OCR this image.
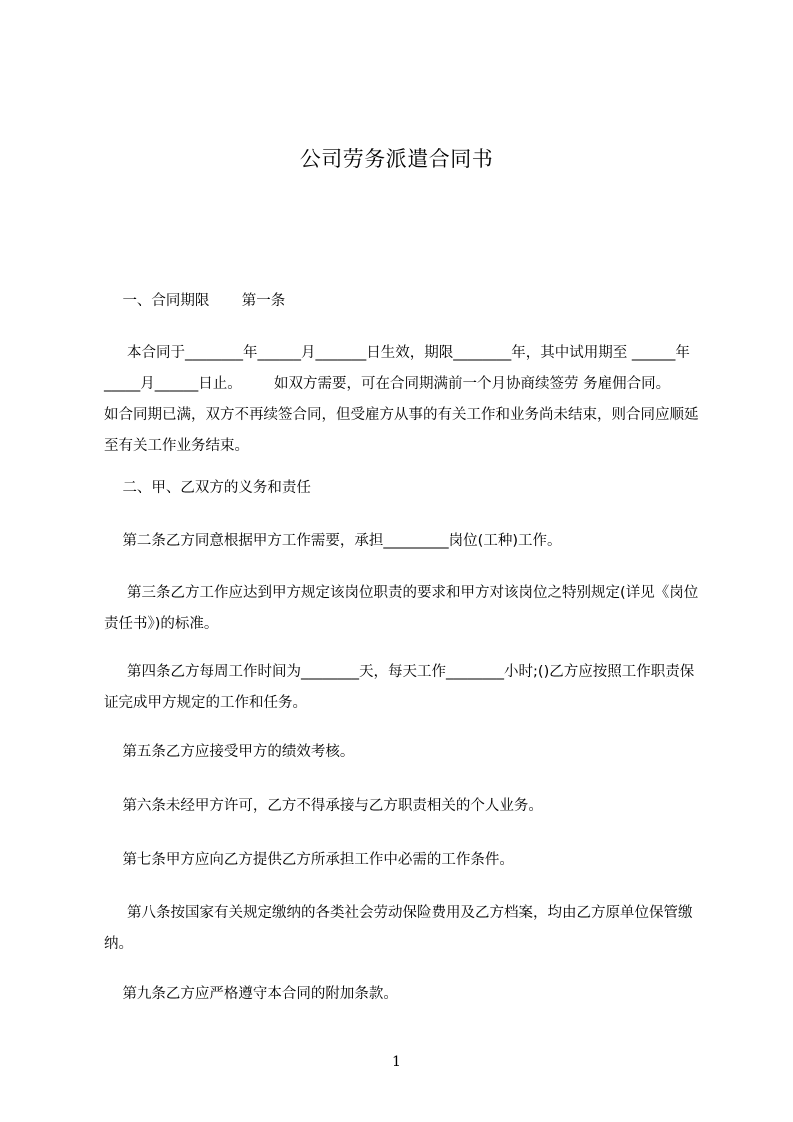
公司劳务派遣合同书
一、合同期限       第一条
本合同于________年______月_______日生效，期限________年，其中试用期至 ______年_____月______日止。       如双方需要，可在合同期满前一个月协商续签劳 务雇佣合同。      如合同期已满，双方不再续签合同，但受雇方从事的有关工作和业务尚未结束，则合同应顺延至有关工作业务结束。
二、甲、乙双方的义务和责任
第二条乙方同意根据甲方工作需要，承担_________岗位(工种)工作。
第三条乙方工作应达到甲方规定该岗位职责的要求和甲方对该岗位之特别规定(详见《岗位责任书》)的标准。
第四条乙方每周工作时间为________天，每天工作________小时;()乙方应按照工作职责保证完成甲方规定的工作和任务。
第五条乙方应接受甲方的绩效考核。
第六条未经甲方许可，乙方不得承接与乙方职责相关的个人业务。
第七条甲方应向乙方提供乙方所承担工作中必需的工作条件。
第八条按国家有关规定缴纳的各类社会劳动保险费用及乙方档案，均由乙方原单位保管缴纳。
第九条乙方应严格遵守本合同的附加条款。
1
